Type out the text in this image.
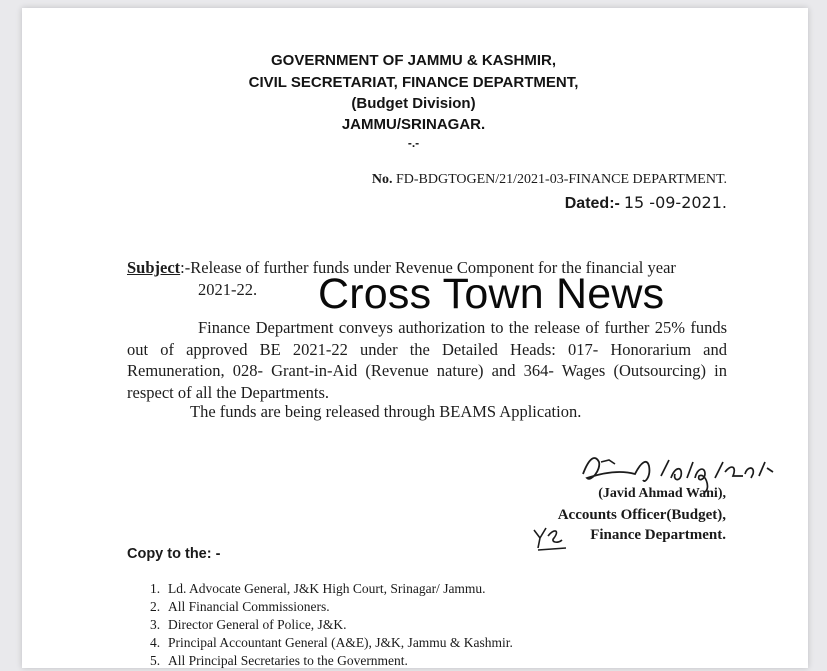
GOVERNMENT OF JAMMU & KASHMIR,
CIVIL SECRETARIAT, FINANCE DEPARTMENT,
(Budget Division)
JAMMU/SRINAGAR.
-.-
No. FD-BDGTOGEN/21/2021-03-FINANCE DEPARTMENT.
Dated:- 15 -09-2021.
Subject:-Release of further funds under Revenue Component for the financial year
2021-22. Cross Town News
Finance Department conveys authorization to the release of further 25% funds out of approved BE 2021-22 under the Detailed Heads: 017- Honorarium and Remuneration, 028- Grant-in-Aid (Revenue nature) and 364- Wages (Outsourcing) in respect of all the Departments.
The funds are being released through BEAMS Application.
(Javid Ahmad Wani),
Accounts Officer(Budget),
Finance Department.
Copy to the: -
1. Ld. Advocate General, J&K High Court, Srinagar/ Jammu.
2. All Financial Commissioners.
3. Director General of Police, J&K.
4. Principal Accountant General (A&E), J&K, Jammu & Kashmir.
5. All Principal Secretaries to the Government.
